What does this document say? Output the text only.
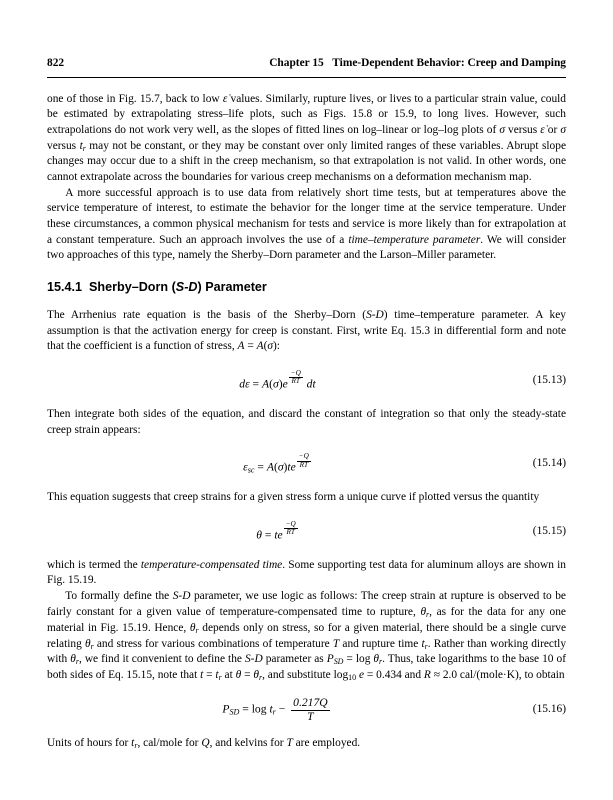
822	Chapter 15   Time-Dependent Behavior: Creep and Damping

one of those in Fig. 15.7, back to low ε̇ values. Similarly, rupture lives, or lives to a particular strain value, could be estimated by extrapolating stress–life plots, such as Figs. 15.8 or 15.9, to long lives. However, such extrapolations do not work very well, as the slopes of fitted lines on log–linear or log–log plots of σ versus ε̇ or σ versus tr may not be constant, or they may be constant over only limited ranges of these variables. Abrupt slope changes may occur due to a shift in the creep mechanism, so that extrapolation is not valid. In other words, one cannot extrapolate across the boundaries for various creep mechanisms on a deformation mechanism map.

A more successful approach is to use data from relatively short time tests, but at temperatures above the service temperature of interest, to estimate the behavior for the longer time at the service temperature. Under these circumstances, a common physical mechanism for tests and service is more likely than for extrapolation at a constant temperature. Such an approach involves the use of a time–temperature parameter. We will consider two approaches of this type, namely the Sherby–Dorn parameter and the Larson–Miller parameter.

15.4.1  Sherby–Dorn (S-D) Parameter

The Arrhenius rate equation is the basis of the Sherby–Dorn (S-D) time–temperature parameter. A key assumption is that the activation energy for creep is constant. First, write Eq. 15.3 in differential form and note that the coefficient is a function of stress, A = A(σ):

$d\varepsilon = A(\sigma)e \frac{-Q}{RT}$ dt	(15.13)

Then integrate both sides of the equation, and discard the constant of integration so that only the steady-state creep strain appears:

$\varepsilon sc = A(\sigma)te \frac{-Q}{RT}$	(15.14)

This equation suggests that creep strains for a given stress form a unique curve if plotted versus the quantity

θ = te $\frac{-Q}{RT}$	(15.15)

which is termed the temperature-compensated time. Some supporting test data for aluminum alloys are shown in Fig. 15.19.

To formally define the S-D parameter, we use logic as follows: The creep strain at rupture is observed to be fairly constant for a given value of temperature-compensated time to rupture, θr, as for the data for any one material in Fig. 15.19. Hence, θr depends only on stress, so for a given material, there should be a single curve relating θr and stress for various combinations of temperature T and rupture time tr. Rather than working directly with θr, we find it convenient to define the S-D parameter as PSD = log θr. Thus, take logarithms to the base 10 of both sides of Eq. 15.15, note that t = tr at θ = θr, and substitute $\log_{10} e = 0.434$ and R ≈ 2.0 cal/(mole·K), to obtain

PSD = log tr − $\frac{0.217Q}{T}$	(15.16)

Units of hours for tr, cal/mole for Q, and kelvins for T are employed.
